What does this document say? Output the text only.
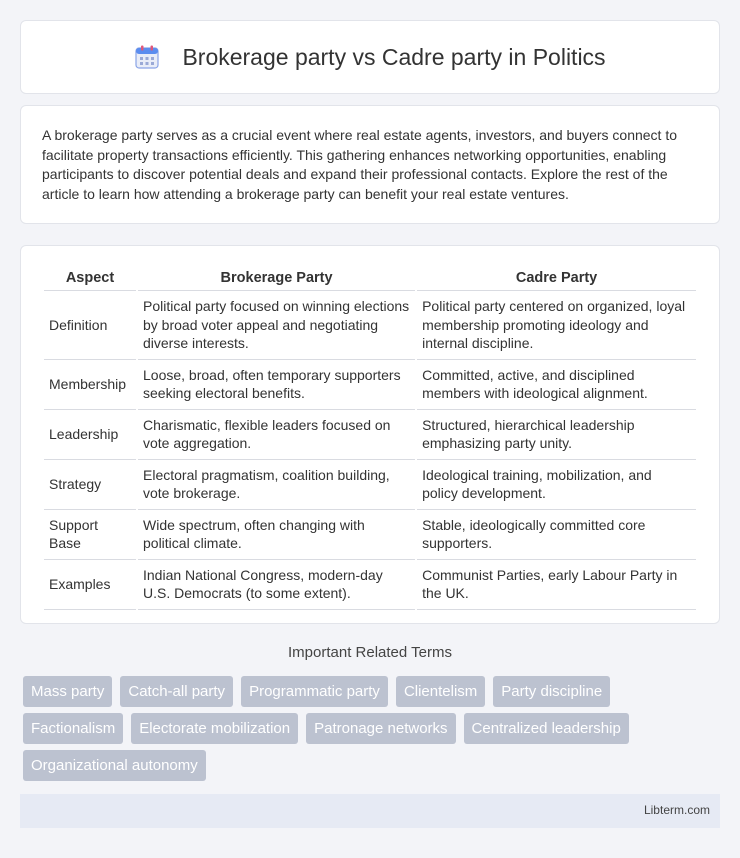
Brokerage party vs Cadre party in Politics

A brokerage party serves as a crucial event where real estate agents, investors, and buyers connect to facilitate property transactions efficiently. This gathering enhances networking opportunities, enabling participants to discover potential deals and expand their professional contacts. Explore the rest of the article to learn how attending a brokerage party can benefit your real estate ventures.

Aspect	Brokerage Party	Cadre Party
Definition	Political party focused on winning elections by broad voter appeal and negotiating diverse interests.	Political party centered on organized, loyal membership promoting ideology and internal discipline.
Membership	Loose, broad, often temporary supporters seeking electoral benefits.	Committed, active, and disciplined members with ideological alignment.
Leadership	Charismatic, flexible leaders focused on vote aggregation.	Structured, hierarchical leadership emphasizing party unity.
Strategy	Electoral pragmatism, coalition building, vote brokerage.	Ideological training, mobilization, and policy development.
Support Base	Wide spectrum, often changing with political climate.	Stable, ideologically committed core supporters.
Examples	Indian National Congress, modern-day U.S. Democrats (to some extent).	Communist Parties, early Labour Party in the UK.
Important Related Terms
Mass party	Catch-all party	Programmatic party	Clientelism	Party discipline
Factionalism	Electorate mobilization	Patronage networks	Centralized leadership
Organizational autonomy
Libterm.com
